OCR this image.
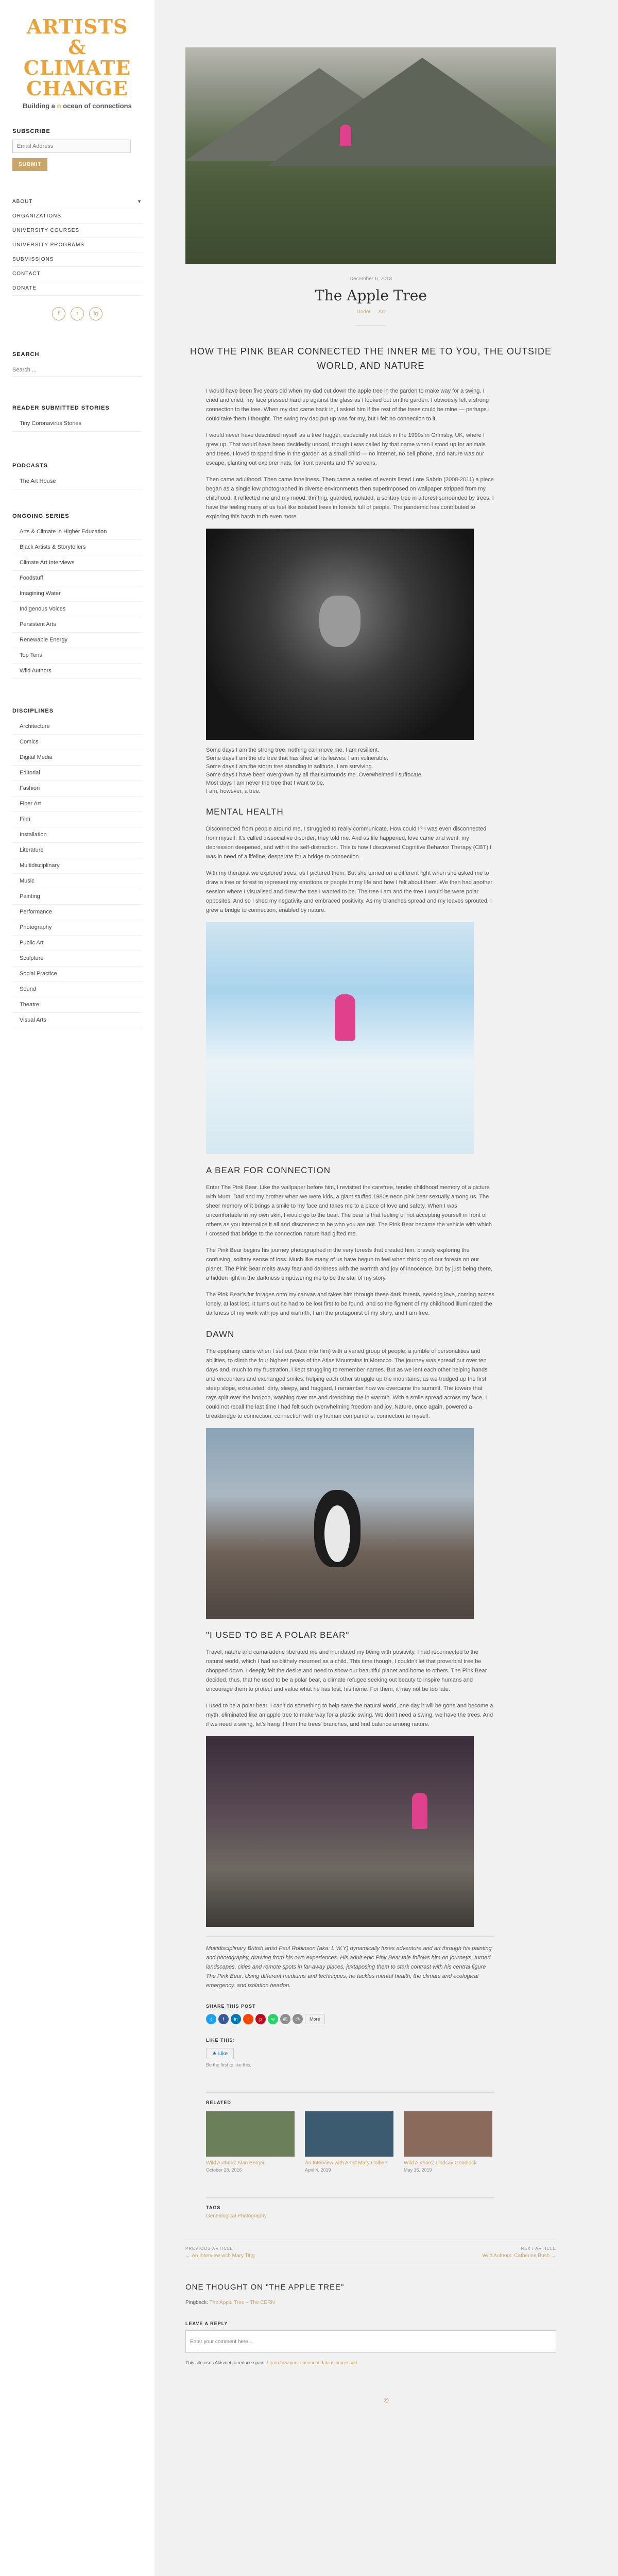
ARTISTS
& CLIMATE
CHANGE
Building a n ocean of connections
SUBSCRIBE
Email Address
SUBMIT
ABOUT	▼
ORGANIZATIONS
UNIVERSITY COURSES
UNIVERSITY PROGRAMS
SUBMISSIONS
CONTACT
DONATE
f	t	ig
SEARCH
Search ...
READER SUBMITTED STORIES
Tiny Coronavirus Stories
PODCASTS
The Art House
ONGOING SERIES
Arts & Climate in Higher Education
Black Artists & Storytellers
Climate Art Interviews
Foodstuff
Imagining Water
Indigenous Voices
Persistent Arts
Renewable Energy
Top Tens
Wild Authors
DISCIPLINES
Architecture
Comics
Digital Media
Editorial
Fashion
Fiber Art
Film
Installation
Literature
Multidisciplinary
Music
Painting
Performance
Photography
Public Art
Sculpture
Social Practice
Sound
Theatre
Visual Arts
December 6, 2018
The Apple Tree
Under Art
HOW THE PINK BEAR CONNECTED THE INNER ME TO YOU, THE OUTSIDE WORLD, AND NATURE

I would have been five years old when my dad cut down the apple tree in the garden to make way for a swing. I cried and cried, my face pressed hard up against the glass as I looked out on the garden. I obviously felt a strong connection to the tree. When my dad came back in, I asked him if the rest of the trees could be mine — perhaps I could take them I thought. The swing my dad put up was for my, but I felt no connection to it.

I would never have described myself as a tree hugger, especially not back in the 1990s in Grimsby, UK, where I grew up. That would have been decidedly uncool, though I was called by that name when I stood up for animals and trees. I loved to spend time in the garden as a small child — no internet, no cell phone, and nature was our escape, planting out explorer hats, for front parents and TV screens.

Then came adulthood. Then came loneliness. Then came a series of events listed Lore Sabrin (2008-2011) a piece began as a single low photographed in diverse environments then superimposed on wallpaper stripped from my childhood. It reflected me and my mood: thrifting, guarded, isolated, a solitary tree in a forest surrounded by trees. I have the feeling many of us feel like isolated trees in forests full of people. The pandemic has contributed to exploring this harsh truth even more.

Some days I am the strong tree, nothing can move me. I am resilient.
Some days I am the old tree that has shed all its leaves. I am vulnerable.
Some days I am the storm tree standing in solitude. I am surviving.
Some days I have been overgrown by all that surrounds me. Overwhelmed I suffocate.
Most days I am never the tree that I want to be.
I am, however, a tree.
MENTAL HEALTH

Disconnected from people around me, I struggled to really communicate. How could I? I was even disconnected from myself. It's called dissociative disorder; they told me. And as life happened, love came and went, my depression deepened, and with it the self-distraction. This is how I discovered Cognitive Behavior Therapy (CBT) I was in need of a lifeline, desperate for a bridge to connection.

With my therapist we explored trees, as I pictured them. But she turned on a different light when she asked me to draw a tree or forest to represent my emotions or people in my life and how I felt about them. We then had another session where I visualised and drew the tree I wanted to be. The tree I am and the tree I would be were polar opposites. And so I shed my negativity and embraced positivity. As my branches spread and my leaves sprouted, I grew a bridge to connection, enabled by nature.

A BEAR FOR CONNECTION

Enter The Pink Bear. Like the wallpaper before him, I revisited the carefree, tender childhood memory of a picture with Mum, Dad and my brother when we were kids, a giant stuffed 1980s neon pink bear sexually among us. The sheer memory of it brings a smile to my face and takes me to a place of love and safety. When I was uncomfortable in my own skin, I would go to the bear. The bear is that feeling of not accepting yourself in front of others as you internalize it all and disconnect to be who you are not. The Pink Bear became the vehicle with which I crossed that bridge to the connection nature had gifted me.

The Pink Bear begins his journey photographed in the very forests that created him, bravely exploring the confusing, solitary sense of loss. Much like many of us have begun to feel when thinking of our forests on our planet. The Pink Bear melts away fear and darkness with the warmth and joy of innocence, but by just being there, a hidden light in the darkness empowering me to be the star of my story.

The Pink Bear's fur forages onto my canvas and takes him through these dark forests, seeking love, coming across lonely, at last lost. It turns out he had to be lost first to be found, and so the figment of my childhood illuminated the darkness of my work with joy and warmth, I am the protagonist of my story, and I am free.

DAWN

The epiphany came when I set out (bear into him) with a varied group of people, a jumble of personalities and abilities, to climb the four highest peaks of the Atlas Mountains in Morocco. The journey was spread out over ten days and, much to my frustration, I kept struggling to remember names. But as we lent each other helping hands and encounters and exchanged smiles, helping each other struggle up the mountains, as we trudged up the first steep slope, exhausted, dirty, sleepy, and haggard, I remember how we overcame the summit. The towers that rays spilt over the horizon, washing over me and drenching me in warmth. With a smile spread across my face, I could not recall the last time I had felt such overwhelming freedom and joy. Nature, once again, powered a breakbridge to connection, connection with my human companions, connection to myself.

"I USED TO BE A POLAR BEAR"

Travel, nature and camaraderie liberated me and inundated my being with positivity. I had reconnected to the natural world, which I had so blithely mourned as a child. This time though, I couldn't let that proverbial tree be chopped down. I deeply felt the desire and need to show our beautiful planet and home to others. The Pink Bear decided, thus, that he used to be a polar bear, a climate refugee seeking out beauty to inspire humans and encourage them to protect and value what he has lost, his home. For them, it may not be too late.

I used to be a polar bear. I can't do something to help save the natural world, one day it will be gone and become a myth, eliminated like an apple tree to make way for a plastic swing. We don't need a swing, we have the trees. And if we need a swing, let's hang it from the trees' branches, and find balance among nature.

Multidisciplinary British artist Paul Robinson (aka: L.W.Y) dynamically fuses adventure and art through his painting and photography, drawing from his own experiences. His adult epic Pink Bear tale follows him on journeys, turned landscapes, cities and remote spots in far-away places, juxtaposing them to stark contrast with his central figure The Pink Bear. Using different mediums and techniques, he tackles mental health, the climate and ecological emergency, and isolation headon.

SHARE THIS POST
t	f	in	r	p	w	@	⎙	More
LIKE THIS:
★ Like
Be the first to like this.
RELATED
Wild Authors: Alan Berger
October 28, 2016
An Interview with Artist Mary Colbert
April 4, 2019
Wild Authors: Lindsay Goodlock
May 15, 2019
TAGS
Genealogical Photography
PREVIOUS ARTICLE
← An Interview with Mary Ting
NEXT ARTICLE
Wild Authors: Catherine Bush →
ONE THOUGHT ON "THE APPLE TREE"
Pingback: The Apple Tree – The CERN
LEAVE A REPLY
Enter your comment here...
This site uses Akismet to reduce spam. Learn how your comment data is processed.
◎
